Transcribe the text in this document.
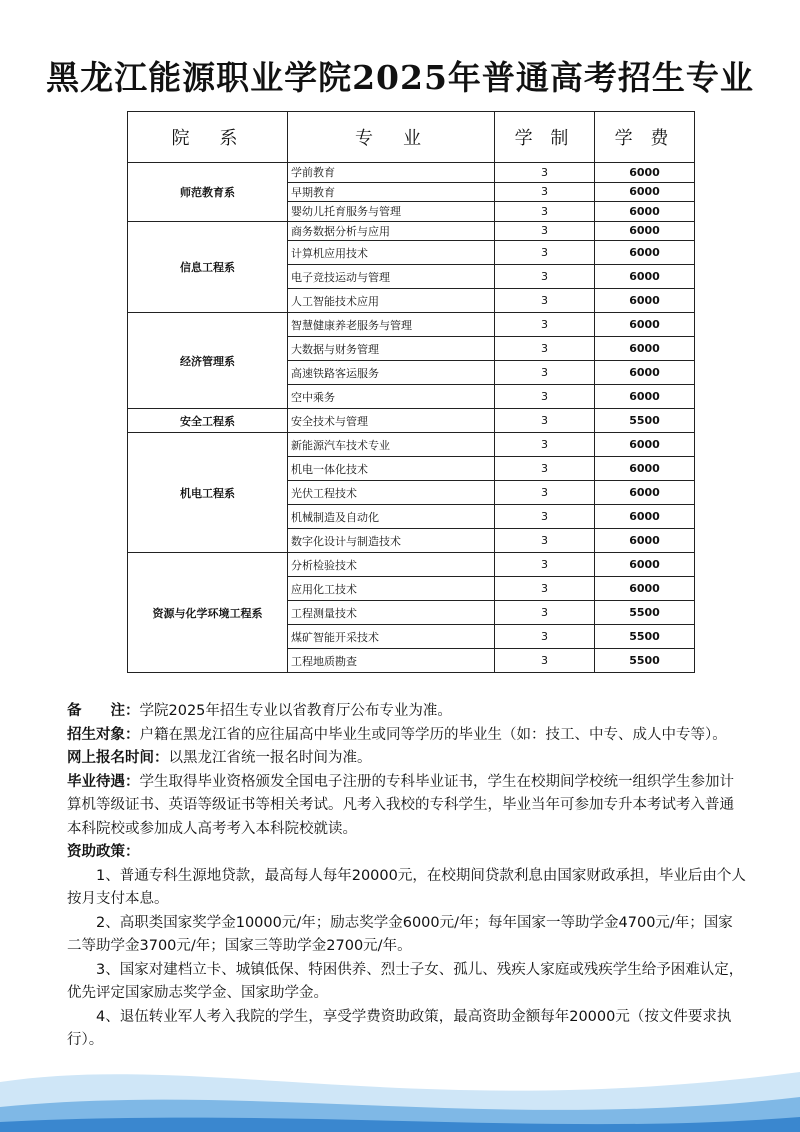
黑龙江能源职业学院2025年普通高考招生专业
院　系	专　业	学 制	学 费
师范教育系	学前教育	3	6000
	早期教育	3	6000
	婴幼儿托育服务与管理	3	6000
信息工程系	商务数据分析与应用	3	6000
	计算机应用技术	3	6000
	电子竞技运动与管理	3	6000
	人工智能技术应用	3	6000
经济管理系	智慧健康养老服务与管理	3	6000
	大数据与财务管理	3	6000
	高速铁路客运服务	3	6000
	空中乘务	3	6000
安全工程系	安全技术与管理	3	5500
机电工程系	新能源汽车技术专业	3	6000
	机电一体化技术	3	6000
	光伏工程技术	3	6000
	机械制造及自动化	3	6000
	数字化设计与制造技术	3	6000
资源与化学环境工程系	分析检验技术	3	6000
	应用化工技术	3	6000
	工程测量技术	3	5500
	煤矿智能开采技术	3	5500
	工程地质勘查	3	5500

备　　注：学院2025年招生专业以省教育厅公布专业为准。

招生对象：户籍在黑龙江省的应往届高中毕业生或同等学历的毕业生（如：技工、中专、成人中专等）。

网上报名时间：以黑龙江省统一报名时间为准。

毕业待遇：学生取得毕业资格颁发全国电子注册的专科毕业证书，学生在校期间学校统一组织学生参加计算机等级证书、英语等级证书等相关考试。凡考入我校的专科学生，毕业当年可参加专升本考试考入普通本科院校或参加成人高考考入本科院校就读。

资助政策：

1、普通专科生源地贷款，最高每人每年20000元，在校期间贷款利息由国家财政承担，毕业后由个人按月支付本息。

2、高职类国家奖学金10000元/年；励志奖学金6000元/年；每年国家一等助学金4700元/年；国家二等助学金3700元/年；国家三等助学金2700元/年。

3、国家对建档立卡、城镇低保、特困供养、烈士子女、孤儿、残疾人家庭或残疾学生给予困难认定，优先评定国家励志奖学金、国家助学金。

4、退伍转业军人考入我院的学生，享受学费资助政策，最高资助金额每年20000元（按文件要求执行）。
